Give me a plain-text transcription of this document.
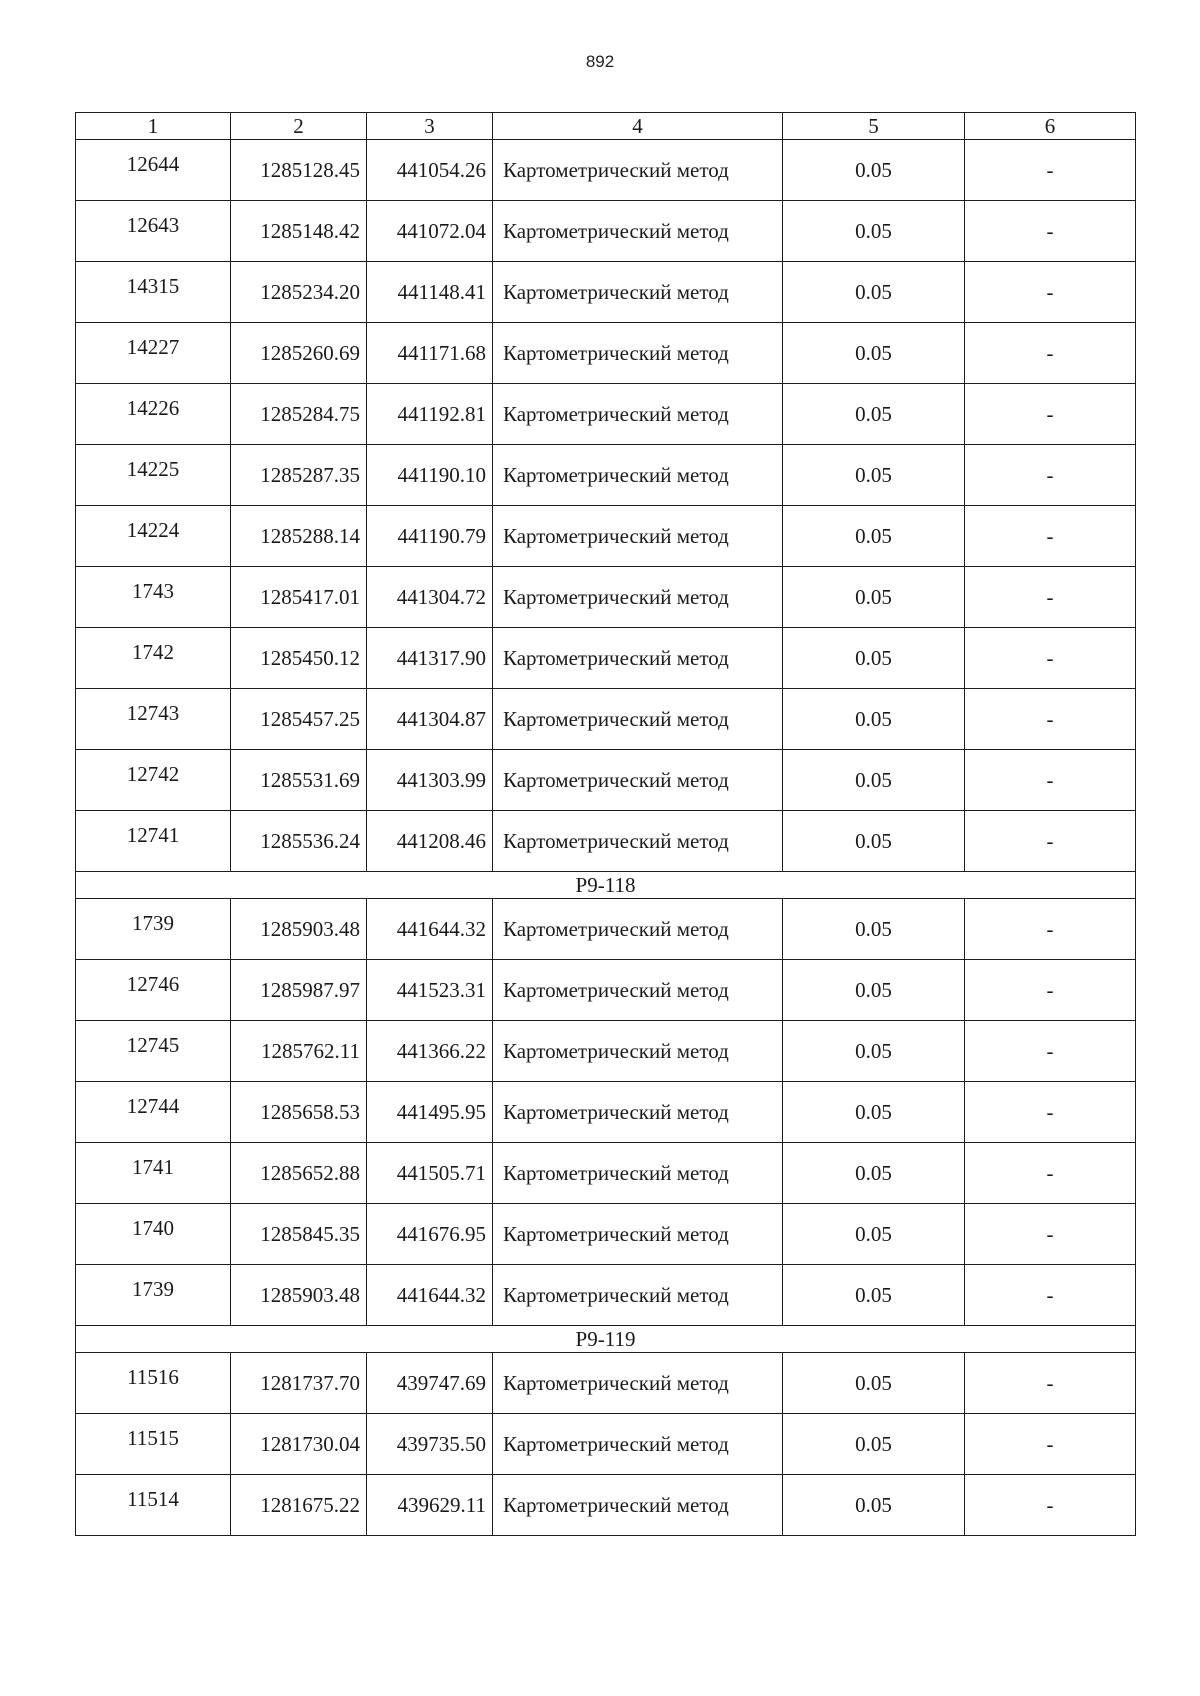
892
1	2	3	4	5	6
12644	1285128.45	441054.26	Картометрический метод	0.05	-
12643	1285148.42	441072.04	Картометрический метод	0.05	-
14315	1285234.20	441148.41	Картометрический метод	0.05	-
14227	1285260.69	441171.68	Картометрический метод	0.05	-
14226	1285284.75	441192.81	Картометрический метод	0.05	-
14225	1285287.35	441190.10	Картометрический метод	0.05	-
14224	1285288.14	441190.79	Картометрический метод	0.05	-
1743	1285417.01	441304.72	Картометрический метод	0.05	-
1742	1285450.12	441317.90	Картометрический метод	0.05	-
12743	1285457.25	441304.87	Картометрический метод	0.05	-
12742	1285531.69	441303.99	Картометрический метод	0.05	-
12741	1285536.24	441208.46	Картометрический метод	0.05	-
Р9-118					
1739	1285903.48	441644.32	Картометрический метод	0.05	-
12746	1285987.97	441523.31	Картометрический метод	0.05	-
12745	1285762.11	441366.22	Картометрический метод	0.05	-
12744	1285658.53	441495.95	Картометрический метод	0.05	-
1741	1285652.88	441505.71	Картометрический метод	0.05	-
1740	1285845.35	441676.95	Картометрический метод	0.05	-
1739	1285903.48	441644.32	Картометрический метод	0.05	-
Р9-119					
11516	1281737.70	439747.69	Картометрический метод	0.05	-
11515	1281730.04	439735.50	Картометрический метод	0.05	-
11514	1281675.22	439629.11	Картометрический метод	0.05	-
